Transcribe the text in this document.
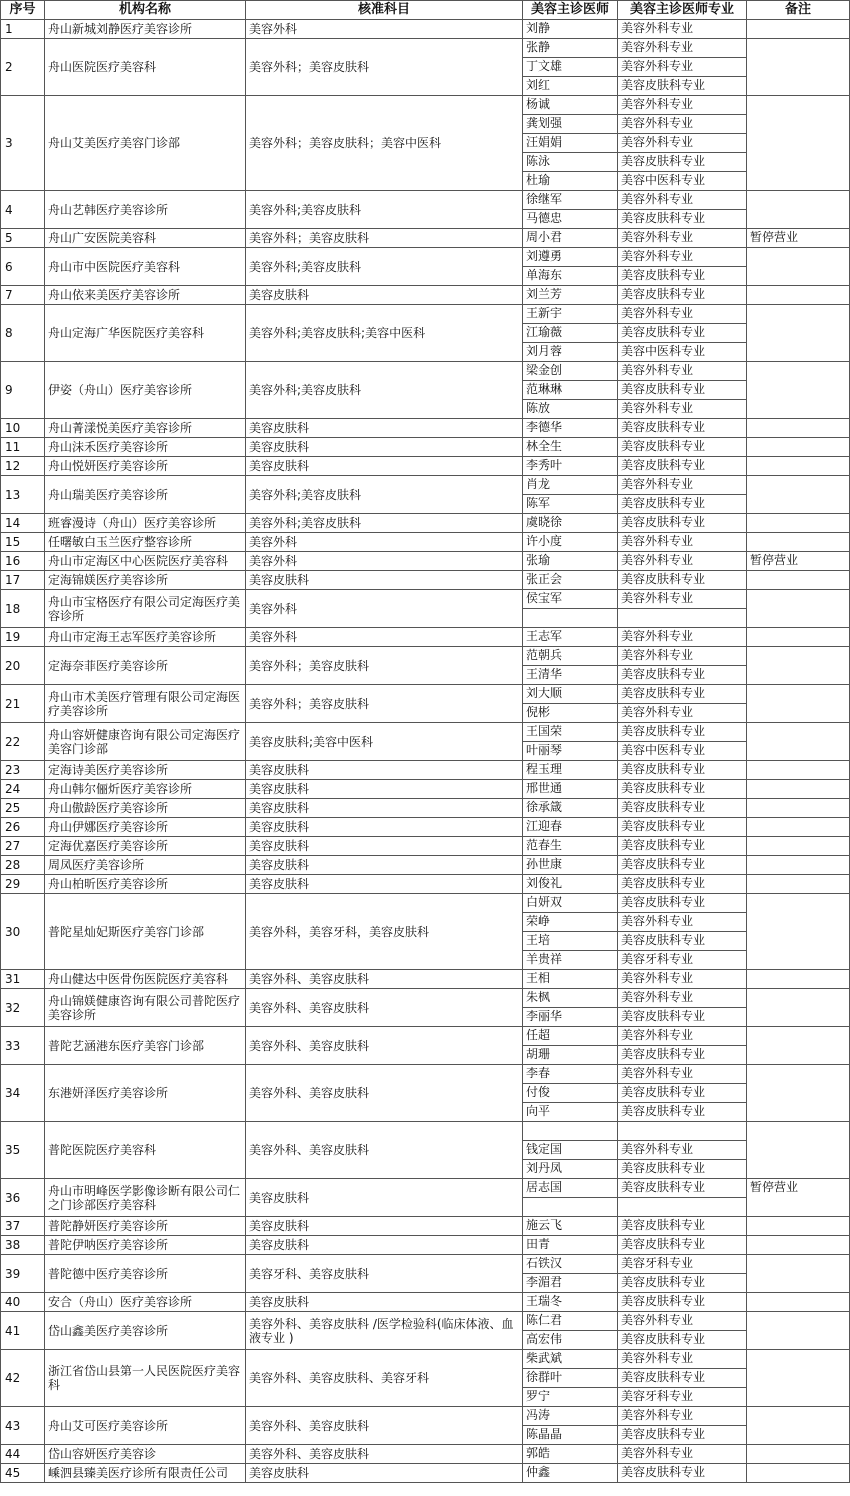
序号	机构名称	核准科目	美容主诊医师	美容主诊医师专业	备注
1	舟山新城刘静医疗美容诊所	美容外科	刘静	美容外科专业	
2	舟山医院医疗美容科	美容外科；美容皮肤科	张静	美容外科专业	
			丁文雄	美容外科专业	
			刘红	美容皮肤科专业	
3	舟山艾美医疗美容门诊部	美容外科；美容皮肤科；美容中医科	杨诚	美容外科专业	
			龚划强	美容外科专业	
			汪娟娟	美容外科专业	
			陈泳	美容皮肤科专业	
			杜瑜	美容中医科专业	
4	舟山艺韩医疗美容诊所	美容外科;美容皮肤科	徐继军	美容外科专业	
			马德忠	美容皮肤科专业	
5	舟山广安医院美容科	美容外科；美容皮肤科	周小君	美容外科专业	暂停营业
6	舟山市中医院医疗美容科	美容外科;美容皮肤科	刘遵勇	美容外科专业	
			单海东	美容皮肤科专业	
7	舟山依来美医疗美容诊所	美容皮肤科	刘兰芳	美容皮肤科专业	
8	舟山定海广华医院医疗美容科	美容外科;美容皮肤科;美容中医科	王新宇	美容外科专业	
			江瑜薇	美容皮肤科专业	
			刘月蓉	美容中医科专业	
9	伊姿（舟山）医疗美容诊所	美容外科;美容皮肤科	梁金创	美容外科专业	
			范琳琳	美容皮肤科专业	
			陈放	美容外科专业	
10	舟山菁漾悦美医疗美容诊所	美容皮肤科	李德华	美容皮肤科专业	
11	舟山沫禾医疗美容诊所	美容皮肤科	林全生	美容皮肤科专业	
12	舟山悦妍医疗美容诊所	美容皮肤科	李秀叶	美容皮肤科专业	
13	舟山瑞美医疗美容诊所	美容外科;美容皮肤科	肖龙	美容外科专业	
			陈军	美容皮肤科专业	
14	班睿漫诗（舟山）医疗美容诊所	美容外科;美容皮肤科	虞晓徐	美容皮肤科专业	
15	任曙敏白玉兰医疗整容诊所	美容外科	许小度	美容外科专业	
16	舟山市定海区中心医院医疗美容科	美容外科	张瑜	美容外科专业	暂停营业
17	定海锦媄医疗美容诊所	美容皮肤科	张正会	美容皮肤科专业	
18	舟山市宝格医疗有限公司定海医疗美容诊所	美容外科	侯宝军	美容外科专业	

19	舟山市定海王志军医疗美容诊所	美容外科	王志军	美容外科专业	
20	定海奈菲医疗美容诊所	美容外科；美容皮肤科	范朝兵	美容外科专业	
			王清华	美容皮肤科专业	
21	舟山市术美医疗管理有限公司定海医疗美容诊所	美容外科；美容皮肤科	刘大顺	美容皮肤科专业	
			倪彬	美容外科专业	
22	舟山容妍健康咨询有限公司定海医疗美容门诊部	美容皮肤科;美容中医科	王国荣	美容皮肤科专业	
			叶丽琴	美容中医科专业	
23	定海诗美医疗美容诊所	美容皮肤科	程玉理	美容皮肤科专业	
24	舟山韩尔俪炘医疗美容诊所	美容皮肤科	邢世通	美容皮肤科专业	
25	舟山傲龄医疗美容诊所	美容皮肤科	徐承箴	美容皮肤科专业	
26	舟山伊娜医疗美容诊所	美容皮肤科	江迎春	美容皮肤科专业	
27	定海优嘉医疗美容诊所	美容皮肤科	范春生	美容皮肤科专业	
28	周凤医疗美容诊所	美容皮肤科	孙世康	美容皮肤科专业	
29	舟山柏昕医疗美容诊所	美容皮肤科	刘俊礼	美容皮肤科专业	
30	普陀星灿妃斯医疗美容门诊部	美容外科，美容牙科，美容皮肤科	白妍双	美容皮肤科专业	
			荣峥	美容外科专业	
			王培	美容皮肤科专业	
			羊贵祥	美容牙科专业	
31	舟山健达中医骨伤医院医疗美容科	美容外科、美容皮肤科	王相	美容外科专业	
32	舟山锦媄健康咨询有限公司普陀医疗美容诊所	美容外科、美容皮肤科	朱枫	美容外科专业	
			李丽华	美容皮肤科专业	
33	普陀艺涵港东医疗美容门诊部	美容外科、美容皮肤科	任超	美容外科专业	
			胡珊	美容皮肤科专业	
34	东港妍泽医疗美容诊所	美容外科、美容皮肤科	李春	美容外科专业	
			付俊	美容皮肤科专业	
			向平	美容皮肤科专业	
35	普陀医院医疗美容科	美容外科、美容皮肤科			
			钱定国	美容外科专业	
			刘丹凤	美容皮肤科专业	
36	舟山市明峰医学影像诊断有限公司仁之门诊部医疗美容科	美容皮肤科	居志国	美容皮肤科专业	暂停营业

37	普陀静妍医疗美容诊所	美容皮肤科	施云飞	美容皮肤科专业	
38	普陀伊呐医疗美容诊所	美容皮肤科	田青	美容皮肤科专业	
39	普陀德中医疗美容诊所	美容牙科、美容皮肤科	石铁汉	美容牙科专业	
			李湄君	美容皮肤科专业	
40	安合（舟山）医疗美容诊所	美容皮肤科	王瑞冬	美容皮肤科专业	
41	岱山鑫美医疗美容诊所	美容外科、美容皮肤科 /医学检验科(临床体液、血液专业 )	陈仁君	美容外科专业	
			高宏伟	美容皮肤科专业	
42	浙江省岱山县第一人民医院医疗美容科	美容外科、美容皮肤科、美容牙科	柴武斌	美容外科专业	
			徐群叶	美容皮肤科专业	
			罗宁	美容牙科专业	
43	舟山艾可医疗美容诊所	美容外科、美容皮肤科	冯涛	美容外科专业	
			陈晶晶	美容皮肤科专业	
44	岱山容妍医疗美容诊	美容外科、美容皮肤科	郭皓	美容外科专业	
45	嵊泗县臻美医疗诊所有限责任公司	美容皮肤科	仲鑫	美容皮肤科专业	
